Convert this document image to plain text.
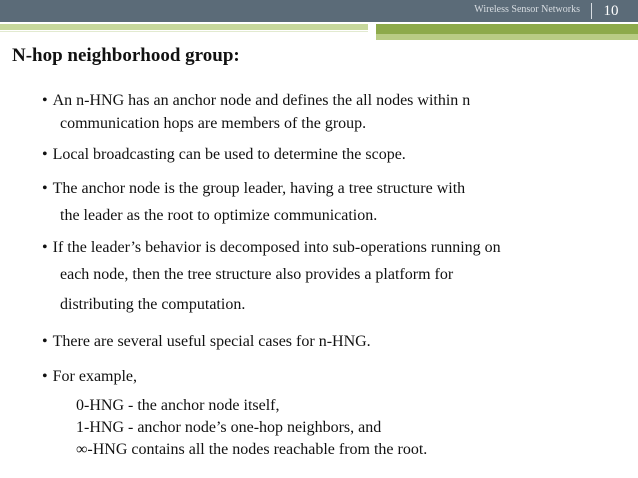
Wireless Sensor Networks	10
N-hop neighborhood group:
• An n-HNG has an anchor node and defines the all nodes within n
communication hops are members of the group.
• Local broadcasting can be used to determine the scope.
• The anchor node is the group leader, having a tree structure with
the leader as the root to optimize communication.
• If the leader’s behavior is decomposed into sub-operations running on
each node, then the tree structure also provides a platform for
distributing the computation.
• There are several useful special cases for n-HNG.
• For example,
0-HNG - the anchor node itself,
1-HNG - anchor node’s one-hop neighbors, and
∞-HNG contains all the nodes reachable from the root.
